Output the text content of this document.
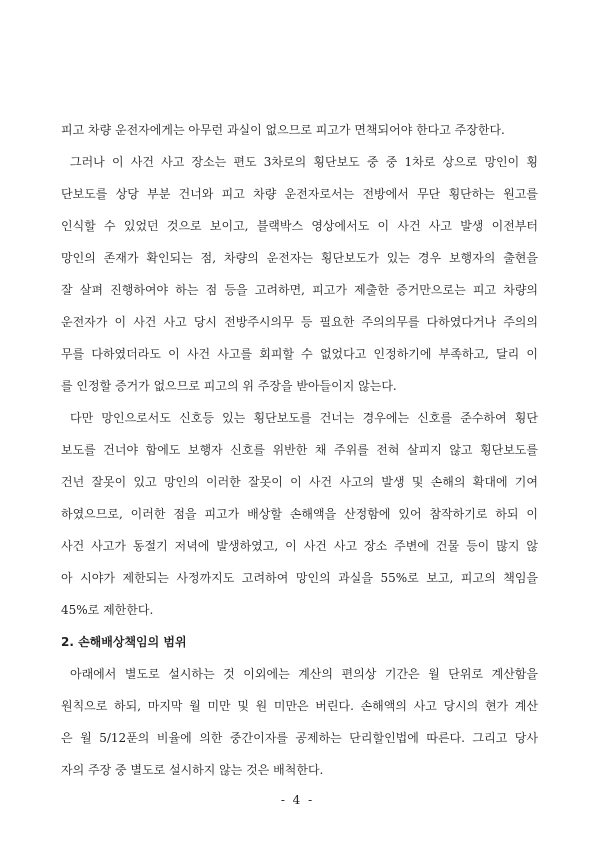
피고 차량 운전자에게는 아무런 과실이 없으므로 피고가 면책되어야 한다고 주장한다.
그러나 이 사건 사고 장소는 편도 3차로의 횡단보도 중 중 1차로 상으로 망인이 횡
단보도를 상당 부분 건너와 피고 차량 운전자로서는 전방에서 무단 횡단하는 원고를
인식할 수 있었던 것으로 보이고, 블랙박스 영상에서도 이 사건 사고 발생 이전부터
망인의 존재가 확인되는 점, 차량의 운전자는 횡단보도가 있는 경우 보행자의 출현을
잘 살펴 진행하여야 하는 점 등을 고려하면, 피고가 제출한 증거만으로는 피고 차량의
운전자가 이 사건 사고 당시 전방주시의무 등 필요한 주의의무를 다하였다거나 주의의
무를 다하였더라도 이 사건 사고를 회피할 수 없었다고 인정하기에 부족하고, 달리 이
를 인정할 증거가 없으므로 피고의 위 주장을 받아들이지 않는다.
다만 망인으로서도 신호등 있는 횡단보도를 건너는 경우에는 신호를 준수하여 횡단
보도를 건너야 함에도 보행자 신호를 위반한 채 주위를 전혀 살피지 않고 횡단보도를
건넌 잘못이 있고 망인의 이러한 잘못이 이 사건 사고의 발생 및 손해의 확대에 기여
하였으므로, 이러한 점을 피고가 배상할 손해액을 산정함에 있어 참작하기로 하되 이
사건 사고가 동절기 저녁에 발생하였고, 이 사건 사고 장소 주변에 건물 등이 많지 않
아 시야가 제한되는 사정까지도 고려하여 망인의 과실을 55%로 보고, 피고의 책임을
45%로 제한한다.
2. 손해배상책임의 범위
아래에서 별도로 설시하는 것 이외에는 계산의 편의상 기간은 월 단위로 계산함을
원칙으로 하되, 마지막 월 미만 및 원 미만은 버린다. 손해액의 사고 당시의 현가 계산
은 월 5/12푼의 비율에 의한 중간이자를 공제하는 단리할인법에 따른다. 그리고 당사
자의 주장 중 별도로 설시하지 않는 것은 배척한다.
- 4 -
